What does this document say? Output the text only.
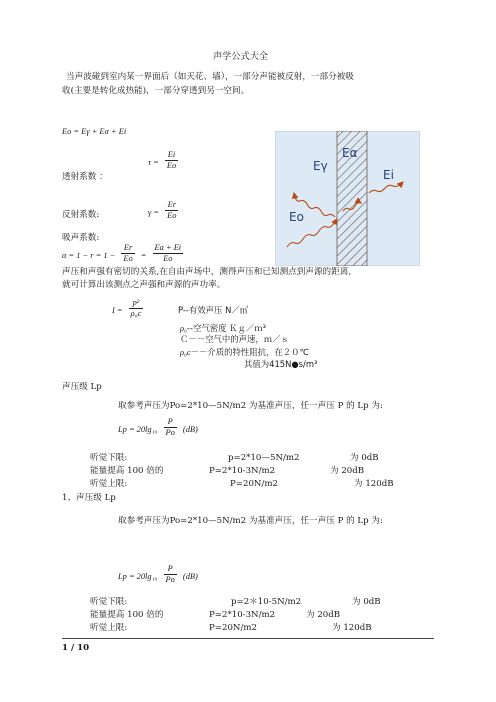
声学公式大全
当声波碰到室内某一界面后（如天花、墙），一部分声能被反射，一部分被吸
收(主要是转化成热能)，一部分穿透到另一空间。
Eo = Eγ + Eα + Ei
$\tau = \frac{Ei}{Eo}$
透射系数 ：
$\gamma = \frac{Er}{Eo}$
反射系数:
吸声系数:
$\alpha = 1 - r = 1 - \frac{Er}{Eo} = \frac{Ea + Ei}{Eo}$
Eγ
Eα
Ei
Eo
声压和声强有密切的关系,在自由声场中，测得声压和已知测点到声源的距离，
就可计算出该测点之声强和声源的声功率。
$I = \frac{\text{p²}}{\text{ρ₀c}}$	P--有效声压 N／㎡
ρ₀--空气密度 Ｋｇ／ｍ³
Ｃ－－空气中的声速，ｍ／ｓ
ρ₀c－－介质的特性阻抗，在２０℃
其值为415N●s/m³
声压级 Lp
取参考声压为Po=2*10—5N/m2 为基准声压，任一声压 P 的 Lp 为:
$Lp = 20\lg_{10} \frac{P}{Po} (dB)$
听觉下限:	p=2*10—5N/m2	为 0dB
能量提高 100 倍的	P=2*10-3N/m2	为 20dB
听觉上限:	P=20N/m2	为 120dB
1、声压级 Lp
取参考声压为Po=2*10—5N/m2 为基准声压，任一声压 P 的 Lp 为:
$Lp = 20\lg_{10} \frac{P}{Po} (dB)$
听觉下限:	p=2＊10-5N/m2	为 0dB
能量提高 100 倍的	P=2*10-3N/m2	为 20dB
听觉上限:	P=20N/m2	为 120dB
1 / 10
